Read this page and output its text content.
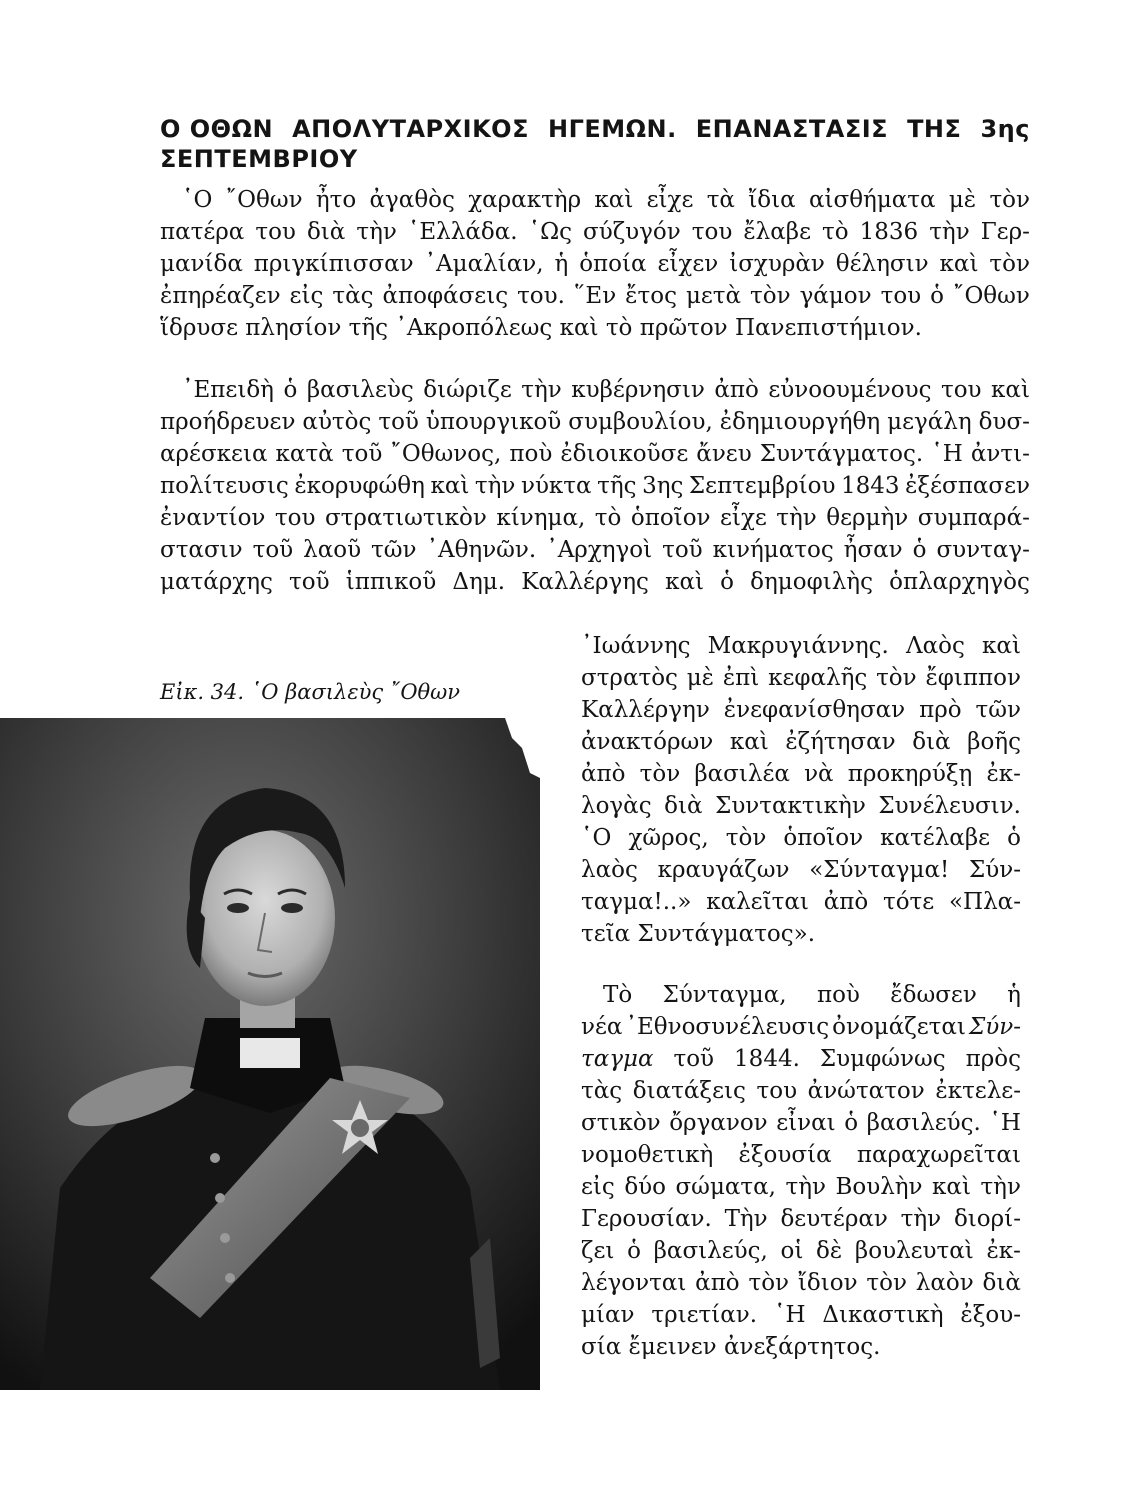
Ο ΟΘΩΝ ΑΠΟΛΥΤΑΡΧΙΚΟΣ ΗΓΕΜΩΝ. ΕΠΑΝΑΣΤΑΣΙΣ ΤΗΣ 3ης
ΣΕΠΤΕΜΒΡΙΟΥ
῾Ο ῎Οθων ἦτο ἀγαθὸς χαρακτὴρ καὶ εἶχε τὰ ἴδια αἰσθήματα μὲ τὸν
πατέρα του διὰ τὴν ῾Ελλάδα. ῾Ως σύζυγόν του ἔλαβε τὸ 1836 τὴν Γερ-
μανίδα πριγκίπισσαν ᾿Αμαλίαν, ἡ ὁποία εἶχεν ἰσχυρὰν θέλησιν καὶ τὸν
ἐπηρέαζεν εἰς τὰς ἀποφάσεις του. ῞Εν ἔτος μετὰ τὸν γάμον του ὁ ῎Οθων
ἵδρυσε πλησίον τῆς ᾿Ακροπόλεως καὶ τὸ πρῶτον Πανεπιστήμιον.
᾿Επειδὴ ὁ βασιλεὺς διώριζε τὴν κυβέρνησιν ἀπὸ εὐνοουμένους του καὶ
προήδρευεν αὐτὸς τοῦ ὑπουργικοῦ συμβουλίου, ἐδημιουργήθη μεγάλη δυσ-
αρέσκεια κατὰ τοῦ ῎Οθωνος, ποὺ ἐδιοικοῦσε ἄνευ Συντάγματος. ῾Η ἀντι-
πολίτευσις ἐκορυφώθη καὶ τὴν νύκτα τῆς 3ης Σεπτεμβρίου 1843 ἐξέσπασεν
ἐναντίον του στρατιωτικὸν κίνημα, τὸ ὁποῖον εἶχε τὴν θερμὴν συμπαρά-
στασιν τοῦ λαοῦ τῶν ᾿Αθηνῶν. ᾿Αρχηγοὶ τοῦ κινήματος ἦσαν ὁ συνταγ-
ματάρχης τοῦ ἱππικοῦ Δημ. Καλλέργης καὶ ὁ δημοφιλὴς ὁπλαρχηγὸς
Εἰκ. 34. ῾Ο βασιλεὺς ῎Οθων
᾿Ιωάννης Μακρυγιάννης. Λαὸς καὶ
στρατὸς μὲ ἐπὶ κεφαλῆς τὸν ἔφιππον
Καλλέργην ἐνεφανίσθησαν πρὸ τῶν
ἀνακτόρων καὶ ἐζήτησαν διὰ βοῆς
ἀπὸ τὸν βασιλέα νὰ προκηρύξῃ ἐκ-
λογὰς διὰ Συντακτικὴν Συνέλευσιν.
῾Ο χῶρος, τὸν ὁποῖον κατέλαβε ὁ
λαὸς κραυγάζων «Σύνταγμα! Σύν-
ταγμα!..» καλεῖται ἀπὸ τότε «Πλα-
τεῖα Συντάγματος».
Τὸ Σύνταγμα, ποὺ ἔδωσεν ἡ
νέα ᾿Εθνοσυνέλευσις ὀνομάζεται Σύν-
ταγμα τοῦ 1844. Συμφώνως πρὸς
τὰς διατάξεις του ἀνώτατον ἐκτελε-
στικὸν ὄργανον εἶναι ὁ βασιλεύς. ῾Η
νομοθετικὴ ἐξουσία παραχωρεῖται
εἰς δύο σώματα, τὴν Βουλὴν καὶ τὴν
Γερουσίαν. Τὴν δευτέραν τὴν διορί-
ζει ὁ βασιλεύς, οἱ δὲ βουλευταὶ ἐκ-
λέγονται ἀπὸ τὸν ἴδιον τὸν λαὸν διὰ
μίαν τριετίαν. ῾Η Δικαστικὴ ἐξου-
σία ἔμεινεν ἀνεξάρτητος.
